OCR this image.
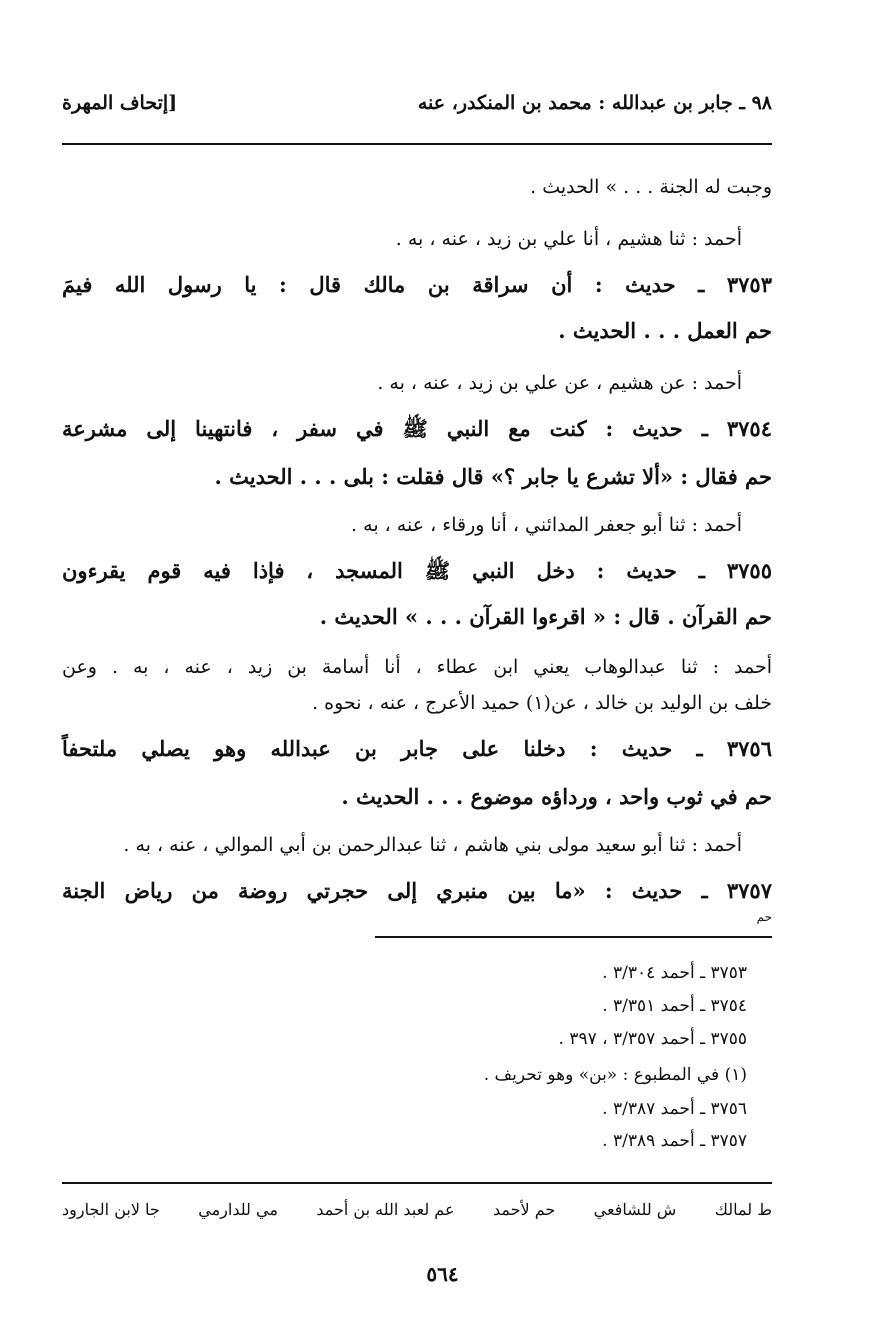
٩٨ ـ جابر بن عبدالله : محمد بن المنكدر، عنه
[إتحاف المهرة
وجبت له الجنة . . . » الحديث .
أحمد : ثنا هشيم ، أنا علي بن زيد ، عنه ، به .
٣٧٥٣ ـ حديث : أن سراقة بن مالك قال : يا رسول الله فيمَ
حم العمل . . . الحديث .
أحمد : عن هشيم ، عن علي بن زيد ، عنه ، به .
٣٧٥٤ ـ حديث : كنت مع النبي ﷺ في سفر ، فانتهينا إلى مشرعة
حم فقال : «ألا تشرع يا جابر ؟» قال فقلت : بلى . . . الحديث .
أحمد : ثنا أبو جعفر المدائني ، أنا ورقاء ، عنه ، به .
٣٧٥٥ ـ حديث : دخل النبي ﷺ المسجد ، فإذا فيه قوم يقرءون
حم القرآن . قال : « اقرءوا القرآن . . . » الحديث .
أحمد : ثنا عبدالوهاب يعني ابن عطاء ، أنا أسامة بن زيد ، عنه ، به . وعن
خلف بن الوليد بن خالد ، عن(١) حميد الأعرج ، عنه ، نحوه .
٣٧٥٦ ـ حديث : دخلنا على جابر بن عبدالله وهو يصلي ملتحفاً
حم في ثوب واحد ، ورداؤه موضوع . . . الحديث .
أحمد : ثنا أبو سعيد مولى بني هاشم ، ثنا عبدالرحمن بن أبي الموالي ، عنه ، به .
٣٧٥٧ ـ حديث : «ما بين منبري إلى حجرتي روضة من رياض الجنة
حم
٣٧٥٣ ـ أحمد ٣/٣٠٤ .
٣٧٥٤ ـ أحمد ٣/٣٥١ .
٣٧٥٥ ـ أحمد ٣/٣٥٧ ، ٣٩٧ .
(١) في المطبوع : «بن» وهو تحريف .
٣٧٥٦ ـ أحمد ٣/٣٨٧ .
٣٧٥٧ ـ أحمد ٣/٣٨٩ .
ط لمالك
ش للشافعي
حم لأحمد
عم لعبد الله بن أحمد
مي للدارمي
جا لابن الجارود
٥٦٤
